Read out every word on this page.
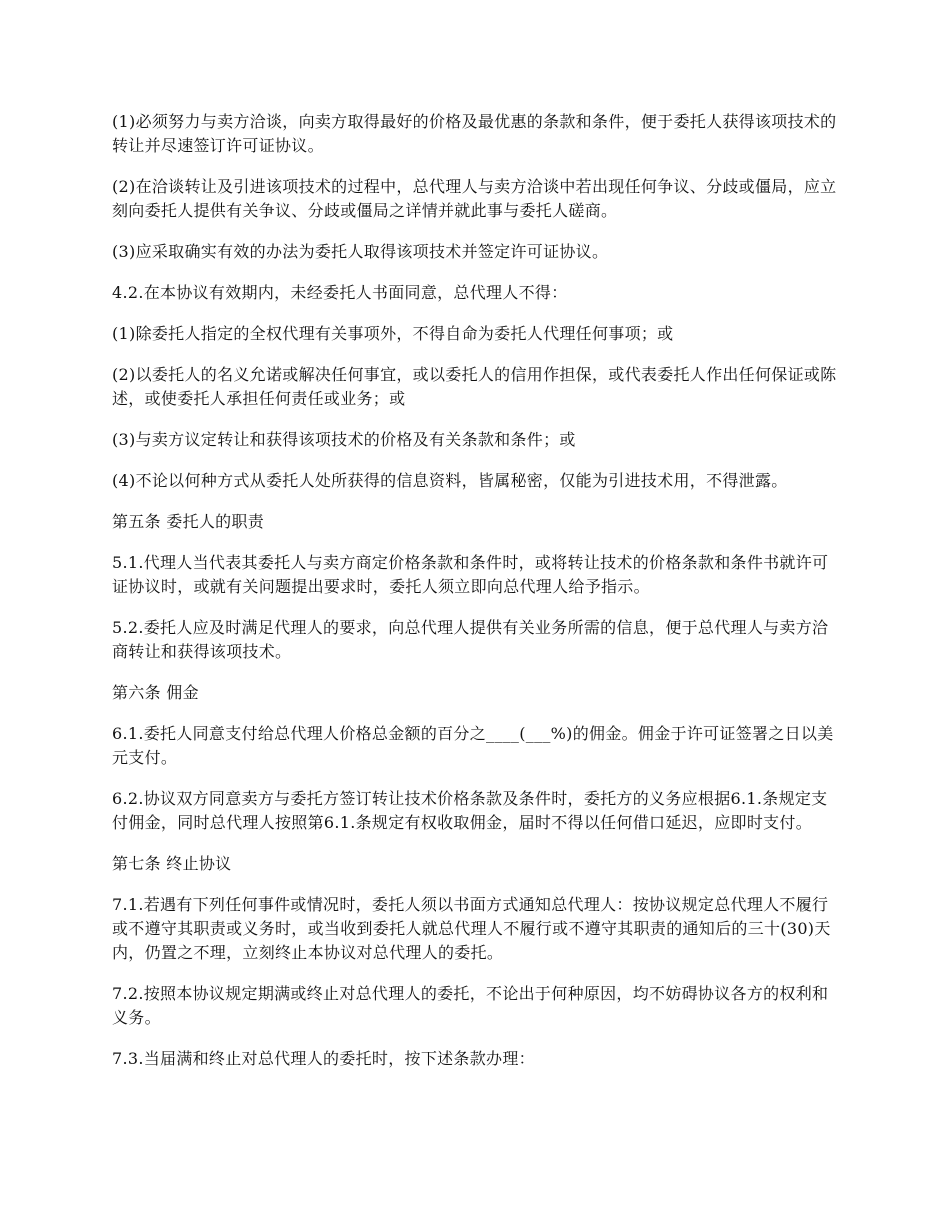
(1)必须努力与卖方洽谈，向卖方取得最好的价格及最优惠的条款和条件，便于委托人获得该项技术的转让并尽速签订许可证协议。

(2)在洽谈转让及引进该项技术的过程中，总代理人与卖方洽谈中若出现任何争议、分歧或僵局，应立刻向委托人提供有关争议、分歧或僵局之详情并就此事与委托人磋商。

(3)应采取确实有效的办法为委托人取得该项技术并签定许可证协议。

4.2.在本协议有效期内，未经委托人书面同意，总代理人不得：

(1)除委托人指定的全权代理有关事项外，不得自命为委托人代理任何事项；或

(2)以委托人的名义允诺或解决任何事宜，或以委托人的信用作担保，或代表委托人作出任何保证或陈述，或使委托人承担任何责任或业务；或

(3)与卖方议定转让和获得该项技术的价格及有关条款和条件；或

(4)不论以何种方式从委托人处所获得的信息资料，皆属秘密，仅能为引进技术用，不得泄露。

第五条 委托人的职责

5.1.代理人当代表其委托人与卖方商定价格条款和条件时，或将转让技术的价格条款和条件书就许可证协议时，或就有关问题提出要求时，委托人须立即向总代理人给予指示。

5.2.委托人应及时满足代理人的要求，向总代理人提供有关业务所需的信息，便于总代理人与卖方洽商转让和获得该项技术。

第六条 佣金

6.1.委托人同意支付给总代理人价格总金额的百分之____(___%)的佣金。佣金于许可证签署之日以美元支付。

6.2.协议双方同意卖方与委托方签订转让技术价格条款及条件时，委托方的义务应根据6.1.条规定支付佣金，同时总代理人按照第6.1.条规定有权收取佣金，届时不得以任何借口延迟，应即时支付。

第七条 终止协议

7.1.若遇有下列任何事件或情况时，委托人须以书面方式通知总代理人：按协议规定总代理人不履行或不遵守其职责或义务时，或当收到委托人就总代理人不履行或不遵守其职责的通知后的三十(30)天内，仍置之不理，立刻终止本协议对总代理人的委托。

7.2.按照本协议规定期满或终止对总代理人的委托，不论出于何种原因，均不妨碍协议各方的权利和义务。

7.3.当届满和终止对总代理人的委托时，按下述条款办理：
